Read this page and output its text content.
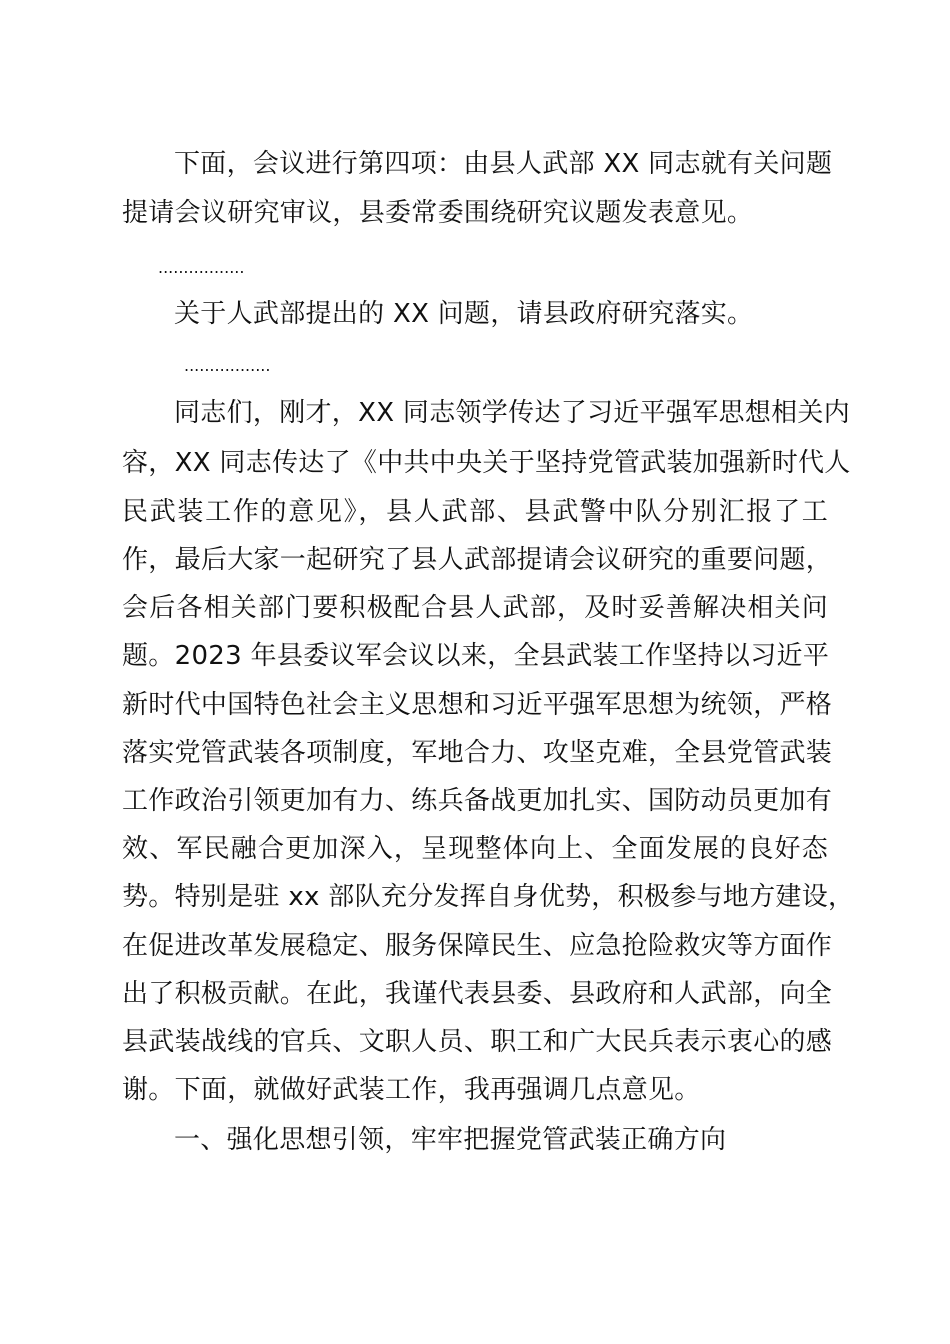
下面，会议进行第四项：由县人武部 XX 同志就有关问题
提请会议研究审议，县委常委围绕研究议题发表意见。
.................
关于人武部提出的 XX 问题，请县政府研究落实。
.................
同志们，刚才，XX 同志领学传达了习近平强军思想相关内
容，XX 同志传达了《中共中央关于坚持党管武装加强新时代人
民武装工作的意见》，县人武部、县武警中队分别汇报了工
作，最后大家一起研究了县人武部提请会议研究的重要问题，
会后各相关部门要积极配合县人武部，及时妥善解决相关问
题。2023 年县委议军会议以来，全县武装工作坚持以习近平
新时代中国特色社会主义思想和习近平强军思想为统领，严格
落实党管武装各项制度，军地合力、攻坚克难，全县党管武装
工作政治引领更加有力、练兵备战更加扎实、国防动员更加有
效、军民融合更加深入，呈现整体向上、全面发展的良好态
势。特别是驻 xx 部队充分发挥自身优势，积极参与地方建设，
在促进改革发展稳定、服务保障民生、应急抢险救灾等方面作
出了积极贡献。在此，我谨代表县委、县政府和人武部，向全
县武装战线的官兵、文职人员、职工和广大民兵表示衷心的感
谢。下面，就做好武装工作，我再强调几点意见。
一、强化思想引领，牢牢把握党管武装正确方向
